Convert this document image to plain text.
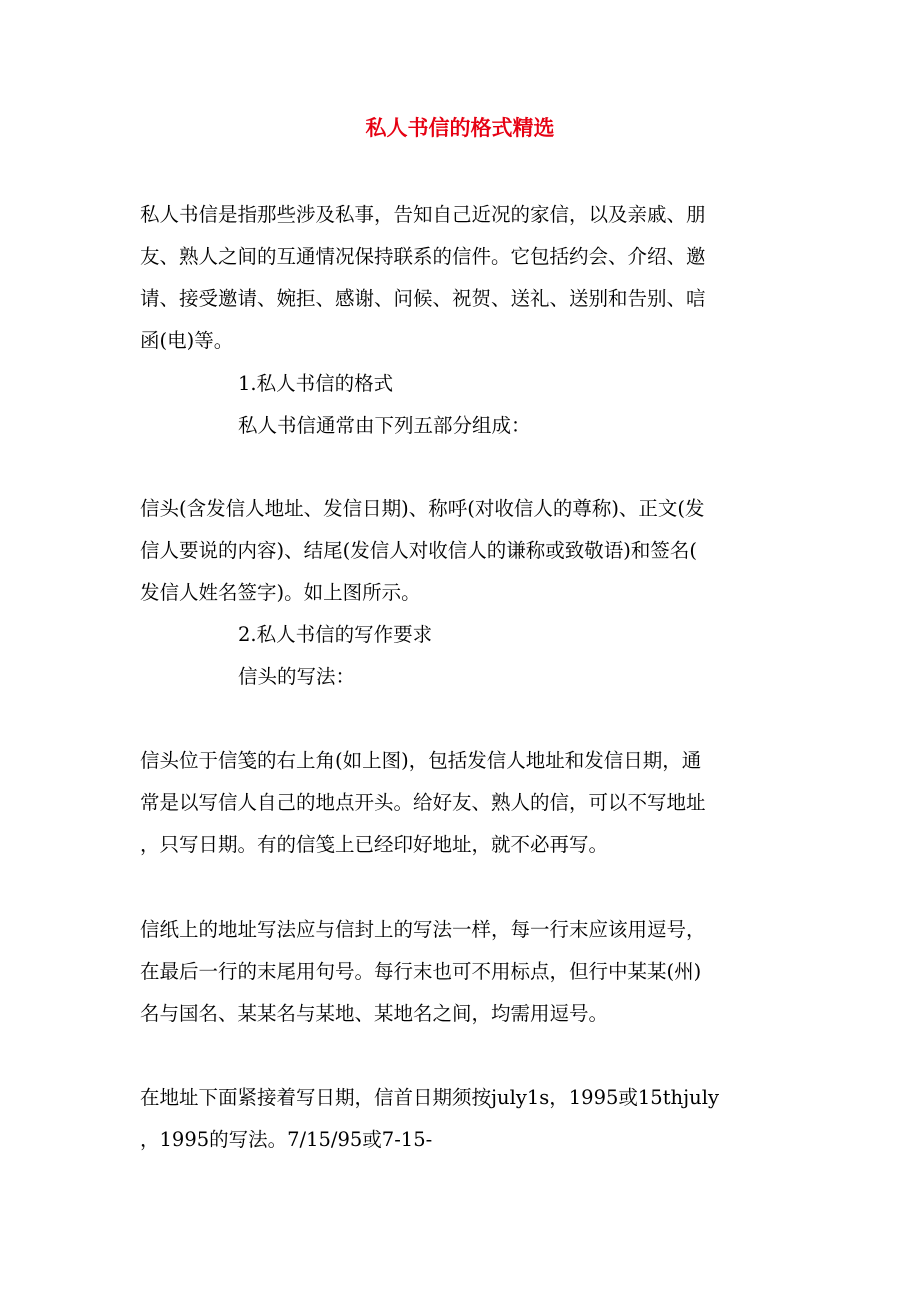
私人书信的格式精选
私人书信是指那些涉及私事，告知自己近况的家信，以及亲戚、朋
友、熟人之间的互通情况保持联系的信件。它包括约会、介绍、邀
请、接受邀请、婉拒、感谢、问候、祝贺、送礼、送别和告别、唁
函(电)等。
1.私人书信的格式
私人书信通常由下列五部分组成：
信头(含发信人地址、发信日期)、称呼(对收信人的尊称)、正文(发
信人要说的内容)、结尾(发信人对收信人的谦称或致敬语)和签名(
发信人姓名签字)。如上图所示。
2.私人书信的写作要求
信头的写法：
信头位于信笺的右上角(如上图)，包括发信人地址和发信日期，通
常是以写信人自己的地点开头。给好友、熟人的信，可以不写地址
，只写日期。有的信笺上已经印好地址，就不必再写。
信纸上的地址写法应与信封上的写法一样，每一行末应该用逗号，
在最后一行的末尾用句号。每行末也可不用标点，但行中某某(州)
名与国名、某某名与某地、某地名之间，均需用逗号。
在地址下面紧接着写日期，信首日期须按july1s，1995或15thjuly
，1995的写法。7/15/95或7-15-
